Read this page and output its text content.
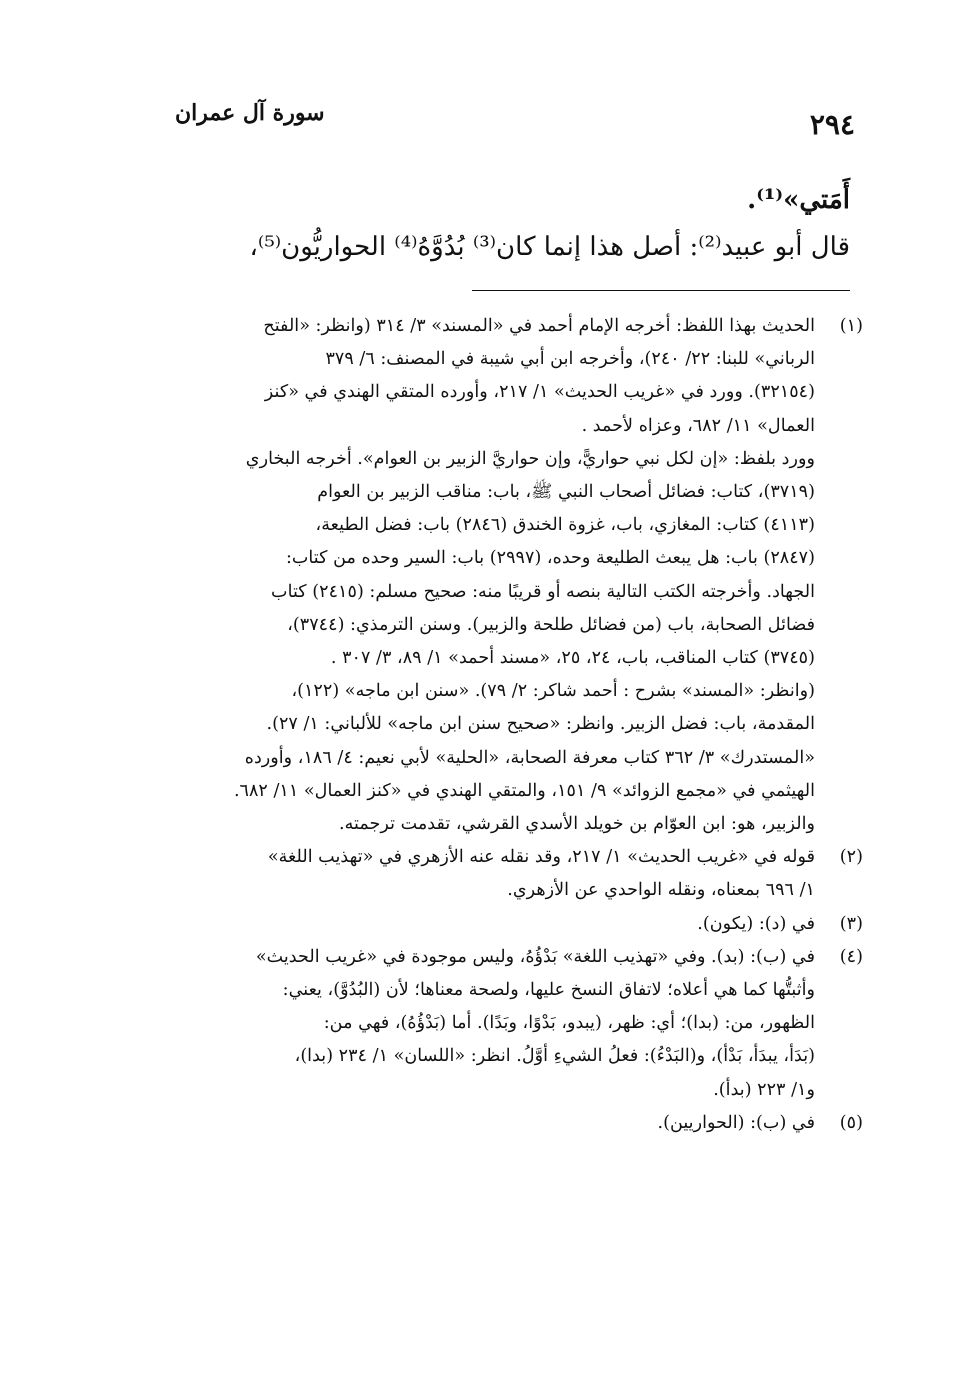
٢٩٤
سورة آل عمران
أَمَتي»⁽¹⁾.
قال أبو عبيد⁽²⁾: أصل هذا إنما كان⁽³⁾ بُدُوَّهُ⁽⁴⁾ الحواريُّون⁽⁵⁾،
(١)
الحديث بهذا اللفظ: أخرجه الإمام أحمد في «المسند» ٣/ ٣١٤ (وانظر: «الفتح
الرباني» للبنا: ٢٢/ ٢٤٠)، وأخرجه ابن أبي شيبة في المصنف: ٦/ ٣٧٩
(٣٢١٥٤). وورد في «غريب الحديث» ١/ ٢١٧، وأورده المتقي الهندي في «كنز
العمال» ١١/ ٦٨٢، وعزاه لأحمد .
وورد بلفظ: «إن لكل نبي حواريًّ، وإن حواريَّ الزبير بن العوام». أخرجه البخاري
(٣٧١٩)، كتاب: فضائل أصحاب النبي ﷺ، باب: مناقب الزبير بن العوام
(٤١١٣) كتاب: المغازي، باب، غزوة الخندق (٢٨٤٦) باب: فضل الطيعة،
(٢٨٤٧) باب: هل يبعث الطليعة وحده، (٢٩٩٧) باب: السير وحده من كتاب:
الجهاد. وأخرجته الكتب التالية بنصه أو قريبًا منه: صحيح مسلم: (٢٤١٥) كتاب
فضائل الصحابة، باب (من فضائل طلحة والزبير). وسنن الترمذي: (٣٧٤٤)،
(٣٧٤٥) كتاب المناقب، باب، ٢٤، ٢٥، «مسند أحمد» ١/ ٨٩، ٣/ ٣٠٧ .
(وانظر: «المسند» بشرح : أحمد شاكر: ٢/ ٧٩). «سنن ابن ماجه» (١٢٢)،
المقدمة، باب: فضل الزبير. وانظر: «صحيح سنن ابن ماجه» للألباني: ١/ ٢٧).
«المستدرك» ٣/ ٣٦٢ كتاب معرفة الصحابة، «الحلية» لأبي نعيم: ٤/ ١٨٦، وأورده
الهيثمي في «مجمع الزوائد» ٩/ ١٥١، والمتقي الهندي في «كنز العمال» ١١/ ٦٨٢.
والزبير، هو: ابن العوّام بن خويلد الأسدي القرشي، تقدمت ترجمته.
(٢)
قوله في «غريب الحديث» ١/ ٢١٧، وقد نقله عنه الأزهري في «تهذيب اللغة»
١/ ٦٩٦ بمعناه، ونقله الواحدي عن الأزهري.
(٣)
في (د): (يكون).
(٤)
في (ب): (بد). وفي «تهذيب اللغة» بَدْؤُهُ، وليس موجودة في «غريب الحديث»
وأثبتُّها كما هي أعلاه؛ لاتفاق النسخ عليها، ولصحة معناها؛ لأن (البُدُوَّ)، يعني:
الظهور، من: (بدا)؛ أي: ظهر، (يبدو، بَدْوًا، وبَدًا). أما (بَدْؤُهُ)، فهي من:
(بَدَأ، يبدَأ، بَدْأ)، و(البَدْءُ): فعلُ الشيءِ أوَّلُ. انظر: «اللسان» ١/ ٢٣٤ (بدا)،
و١/ ٢٢٣ (بدأ).
(٥)
في (ب): (الحواريين).
